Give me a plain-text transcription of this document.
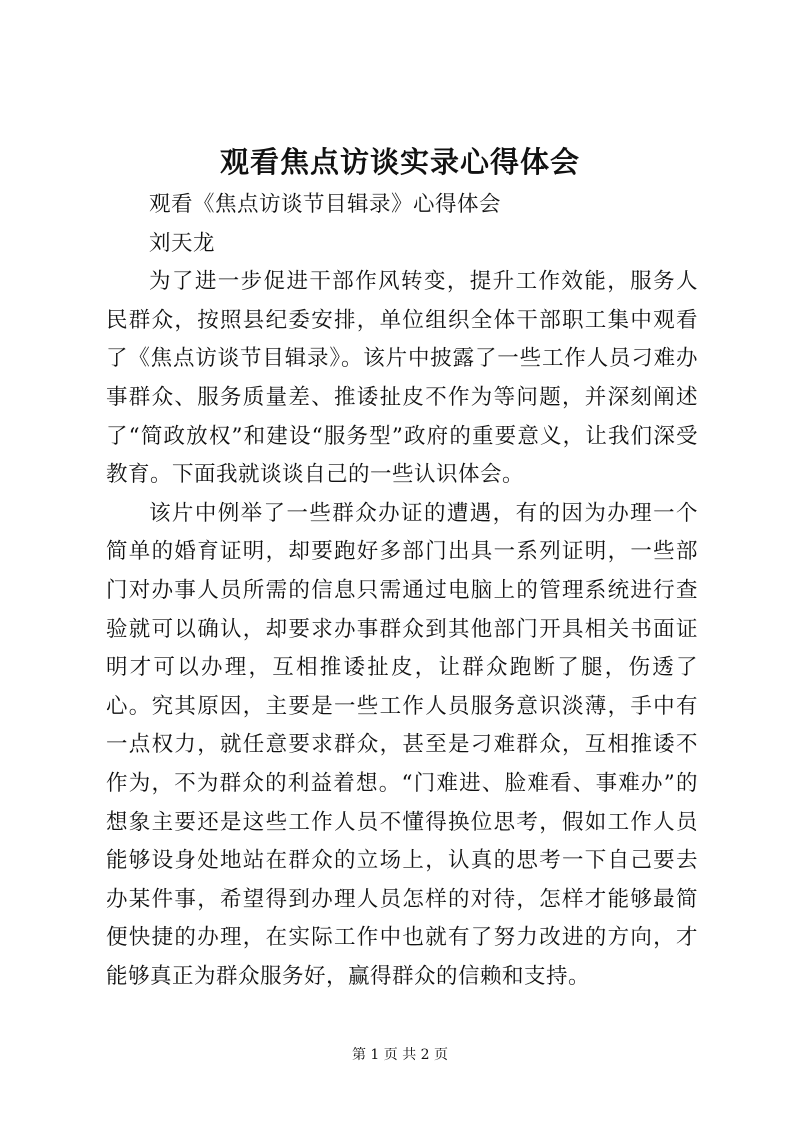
观看焦点访谈实录心得体会

观看《焦点访谈节目辑录》心得体会

刘天龙

为了进一步促进干部作风转变，提升工作效能，服务人民群众，按照县纪委安排，单位组织全体干部职工集中观看了《焦点访谈节目辑录》。该片中披露了一些工作人员刁难办事群众、服务质量差、推诿扯皮不作为等问题，并深刻阐述了“简政放权”和建设“服务型”政府的重要意义，让我们深受教育。下面我就谈谈自己的一些认识体会。

该片中例举了一些群众办证的遭遇，有的因为办理一个简单的婚育证明，却要跑好多部门出具一系列证明，一些部门对办事人员所需的信息只需通过电脑上的管理系统进行查验就可以确认，却要求办事群众到其他部门开具相关书面证明才可以办理，互相推诿扯皮，让群众跑断了腿，伤透了心。究其原因，主要是一些工作人员服务意识淡薄，手中有一点权力，就任意要求群众，甚至是刁难群众，互相推诿不作为，不为群众的利益着想。“门难进、脸难看、事难办”的想象主要还是这些工作人员不懂得换位思考，假如工作人员能够设身处地站在群众的立场上，认真的思考一下自己要去办某件事，希望得到办理人员怎样的对待，怎样才能够最简便快捷的办理，在实际工作中也就有了努力改进的方向，才能够真正为群众服务好，赢得群众的信赖和支持。

第 1 页 共 2 页
